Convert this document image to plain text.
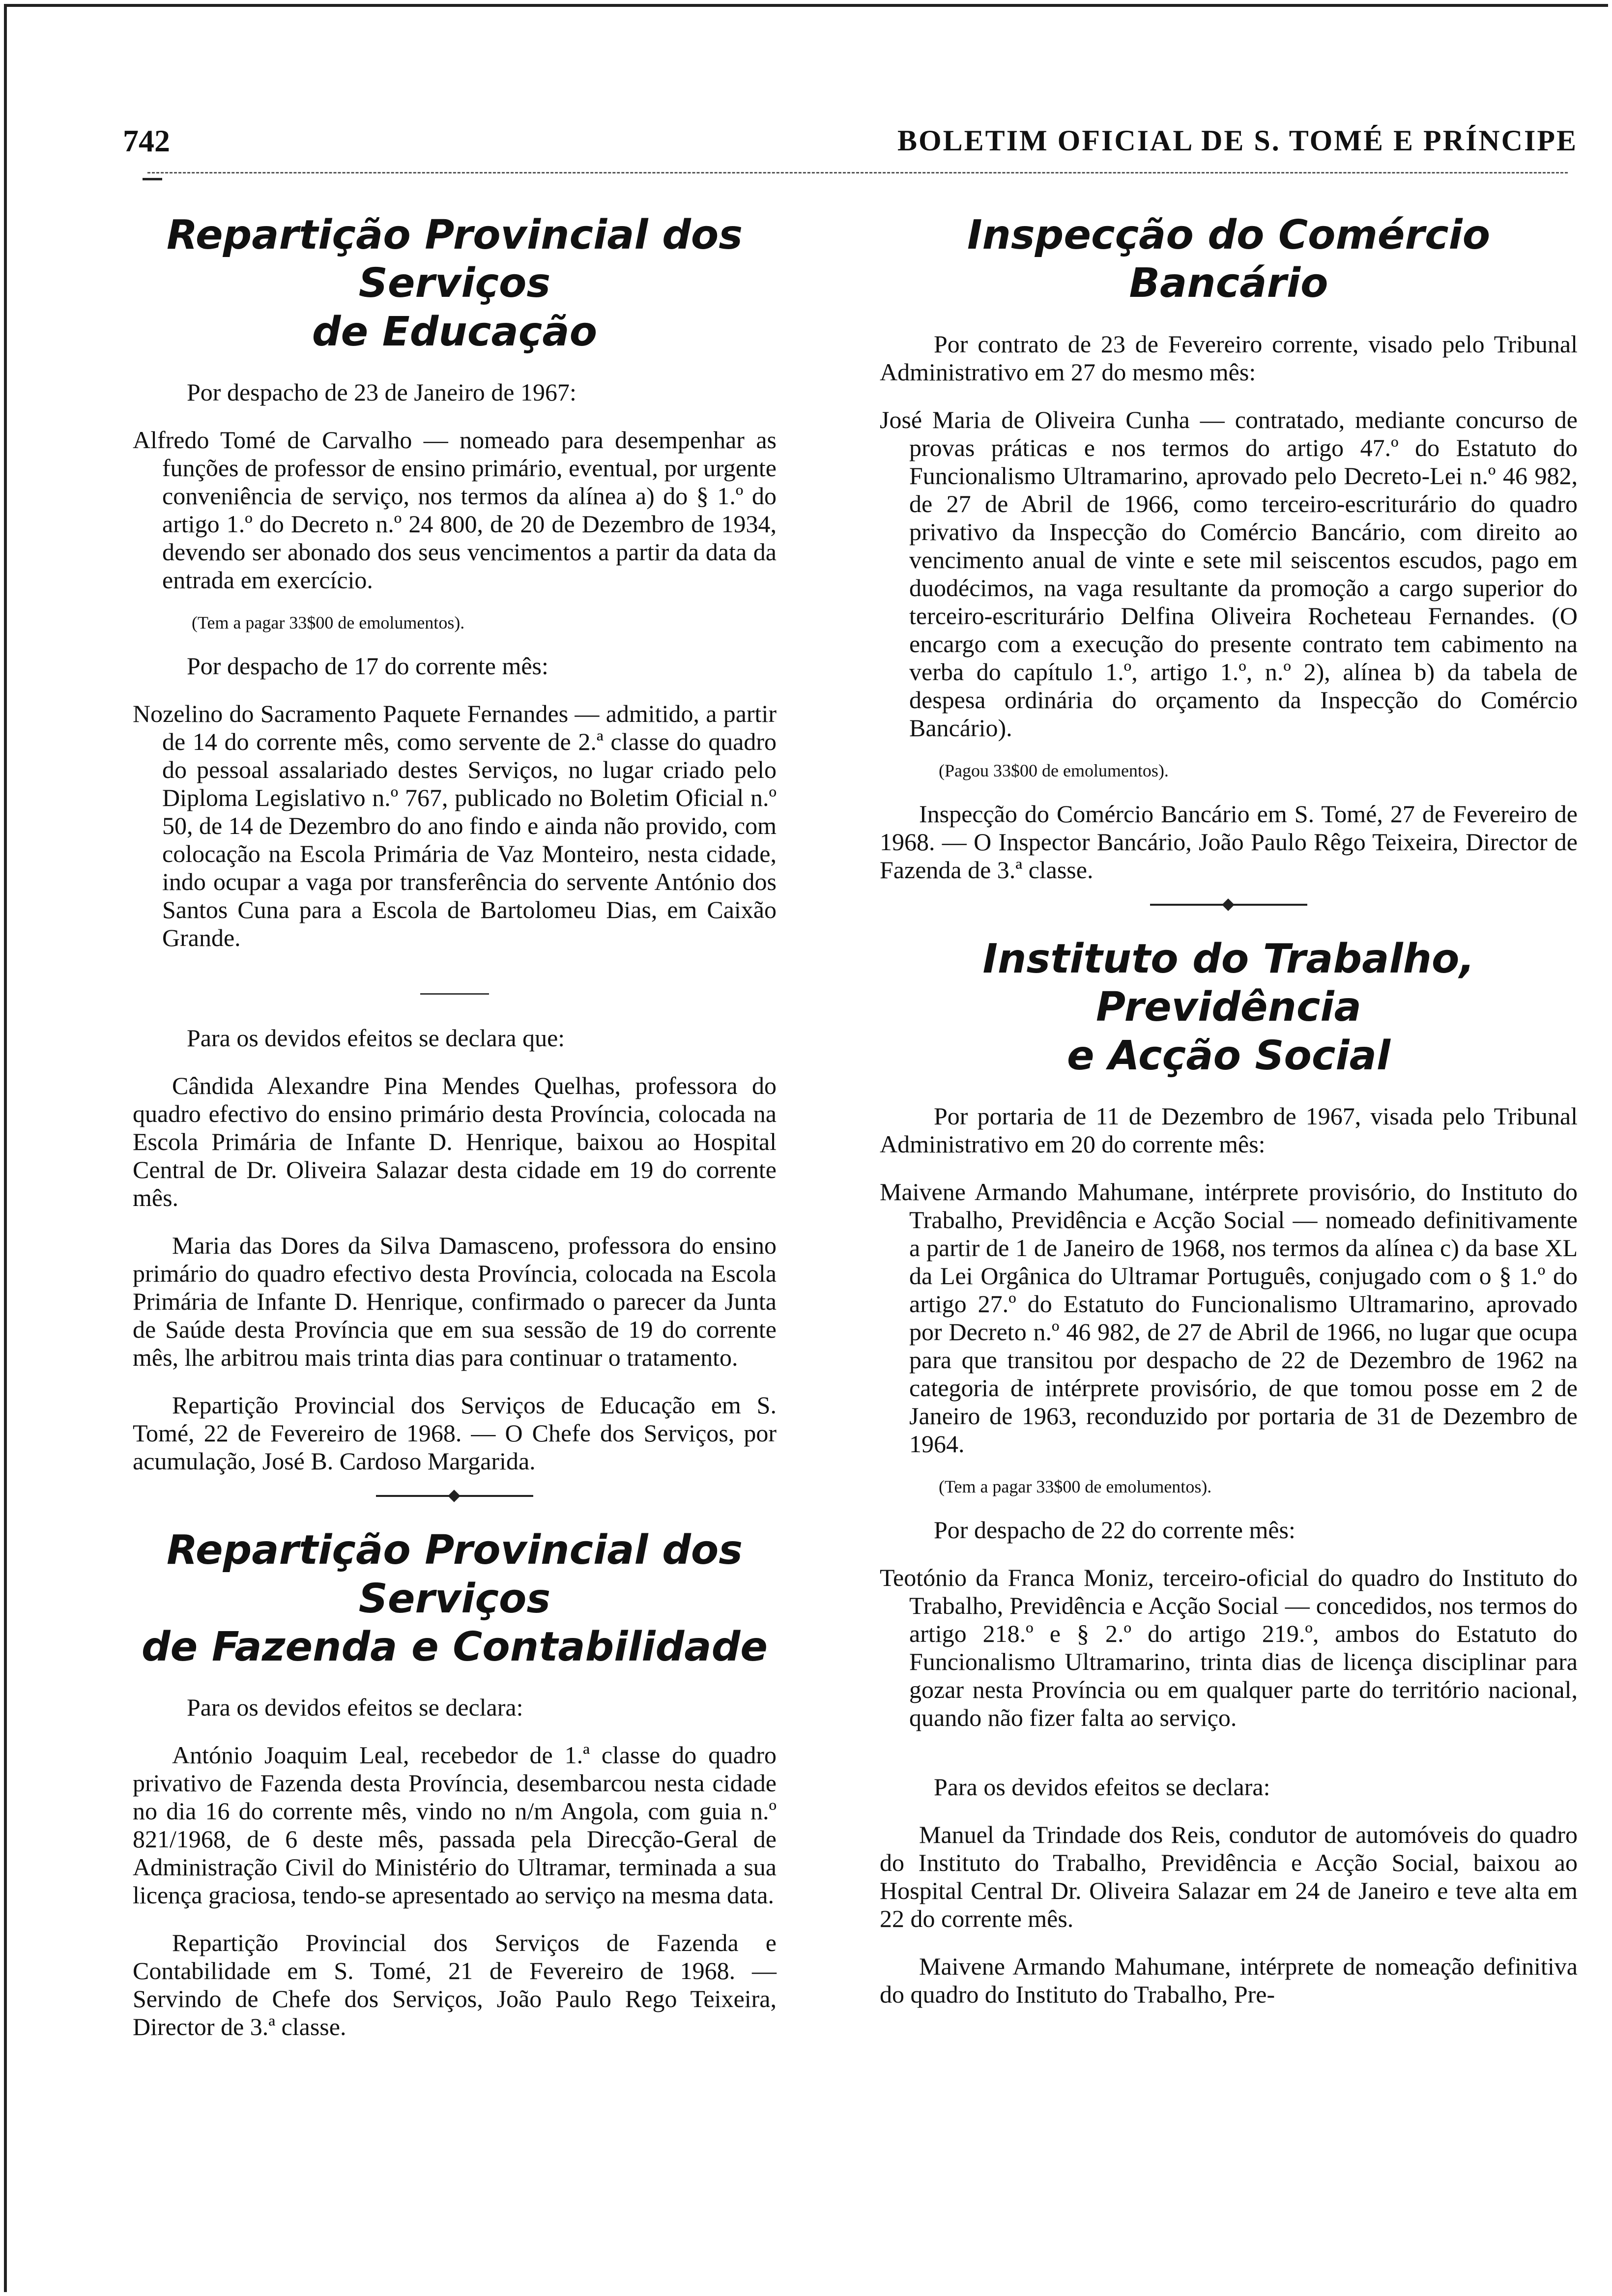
742	BOLETIM OFICIAL DE S. TOMÉ E PRÍNCIPE
Repartição Provincial dos Serviços
de Educação

Por despacho de 23 de Janeiro de 1967:

Alfredo Tomé de Carvalho — nomeado para desempenhar as funções de professor de ensino primário, eventual, por urgente conveniência de serviço, nos termos da alínea a) do § 1.º do artigo 1.º do Decreto n.º 24 800, de 20 de Dezembro de 1934, devendo ser abonado dos seus vencimentos a partir da data da entrada em exercício.

(Tem a pagar 33$00 de emolumentos).

Por despacho de 17 do corrente mês:

Nozelino do Sacramento Paquete Fernandes — admitido, a partir de 14 do corrente mês, como servente de 2.ª classe do quadro do pessoal assalariado destes Serviços, no lugar criado pelo Diploma Legislativo n.º 767, publicado no Boletim Oficial n.º 50, de 14 de Dezembro do ano findo e ainda não provido, com colocação na Escola Primária de Vaz Monteiro, nesta cidade, indo ocupar a vaga por transferência do servente António dos Santos Cuna para a Escola de Bartolomeu Dias, em Caixão Grande.

Para os devidos efeitos se declara que:

Cândida Alexandre Pina Mendes Quelhas, professora do quadro efectivo do ensino primário desta Província, colocada na Escola Primária de Infante D. Henrique, baixou ao Hospital Central de Dr. Oliveira Salazar desta cidade em 19 do corrente mês.

Maria das Dores da Silva Damasceno, professora do ensino primário do quadro efectivo desta Província, colocada na Escola Primária de Infante D. Henrique, confirmado o parecer da Junta de Saúde desta Província que em sua sessão de 19 do corrente mês, lhe arbitrou mais trinta dias para continuar o tratamento.

Repartição Provincial dos Serviços de Educação em S. Tomé, 22 de Fevereiro de 1968. — O Chefe dos Serviços, por acumulação, José B. Cardoso Margarida.

Repartição Provincial dos Serviços
de Fazenda e Contabilidade

Para os devidos efeitos se declara:

António Joaquim Leal, recebedor de 1.ª classe do quadro privativo de Fazenda desta Província, desembarcou nesta cidade no dia 16 do corrente mês, vindo no n/m Angola, com guia n.º 821/1968, de 6 deste mês, passada pela Direcção-Geral de Administração Civil do Ministério do Ultramar, terminada a sua licença graciosa, tendo-se apresentado ao serviço na mesma data.

Repartição Provincial dos Serviços de Fazenda e Contabilidade em S. Tomé, 21 de Fevereiro de 1968. — Servindo de Chefe dos Serviços, João Paulo Rego Teixeira, Director de 3.ª classe.

Inspecção do Comércio Bancário

Por contrato de 23 de Fevereiro corrente, visado pelo Tribunal Administrativo em 27 do mesmo mês:

José Maria de Oliveira Cunha — contratado, mediante concurso de provas práticas e nos termos do artigo 47.º do Estatuto do Funcionalismo Ultramarino, aprovado pelo Decreto-Lei n.º 46 982, de 27 de Abril de 1966, como terceiro-escriturário do quadro privativo da Inspecção do Comércio Bancário, com direito ao vencimento anual de vinte e sete mil seiscentos escudos, pago em duodécimos, na vaga resultante da promoção a cargo superior do terceiro-escriturário Delfina Oliveira Rocheteau Fernandes. (O encargo com a execução do presente contrato tem cabimento na verba do capítulo 1.º, artigo 1.º, n.º 2), alínea b) da tabela de despesa ordinária do orçamento da Inspecção do Comércio Bancário).

(Pagou 33$00 de emolumentos).

Inspecção do Comércio Bancário em S. Tomé, 27 de Fevereiro de 1968. — O Inspector Bancário, João Paulo Rêgo Teixeira, Director de Fazenda de 3.ª classe.

Instituto do Trabalho, Previdência
e Acção Social

Por portaria de 11 de Dezembro de 1967, visada pelo Tribunal Administrativo em 20 do corrente mês:

Maivene Armando Mahumane, intérprete provisório, do Instituto do Trabalho, Previdência e Acção Social — nomeado definitivamente a partir de 1 de Janeiro de 1968, nos termos da alínea c) da base XL da Lei Orgânica do Ultramar Português, conjugado com o § 1.º do artigo 27.º do Estatuto do Funcionalismo Ultramarino, aprovado por Decreto n.º 46 982, de 27 de Abril de 1966, no lugar que ocupa para que transitou por despacho de 22 de Dezembro de 1962 na categoria de intérprete provisório, de que tomou posse em 2 de Janeiro de 1963, reconduzido por portaria de 31 de Dezembro de 1964.

(Tem a pagar 33$00 de emolumentos).

Por despacho de 22 do corrente mês:

Teotónio da Franca Moniz, terceiro-oficial do quadro do Instituto do Trabalho, Previdência e Acção Social — concedidos, nos termos do artigo 218.º e § 2.º do artigo 219.º, ambos do Estatuto do Funcionalismo Ultramarino, trinta dias de licença disciplinar para gozar nesta Província ou em qualquer parte do território nacional, quando não fizer falta ao serviço.

Para os devidos efeitos se declara:

Manuel da Trindade dos Reis, condutor de automóveis do quadro do Instituto do Trabalho, Previdência e Acção Social, baixou ao Hospital Central Dr. Oliveira Salazar em 24 de Janeiro e teve alta em 22 do corrente mês.

Maivene Armando Mahumane, intérprete de nomeação definitiva do quadro do Instituto do Trabalho, Pre-
